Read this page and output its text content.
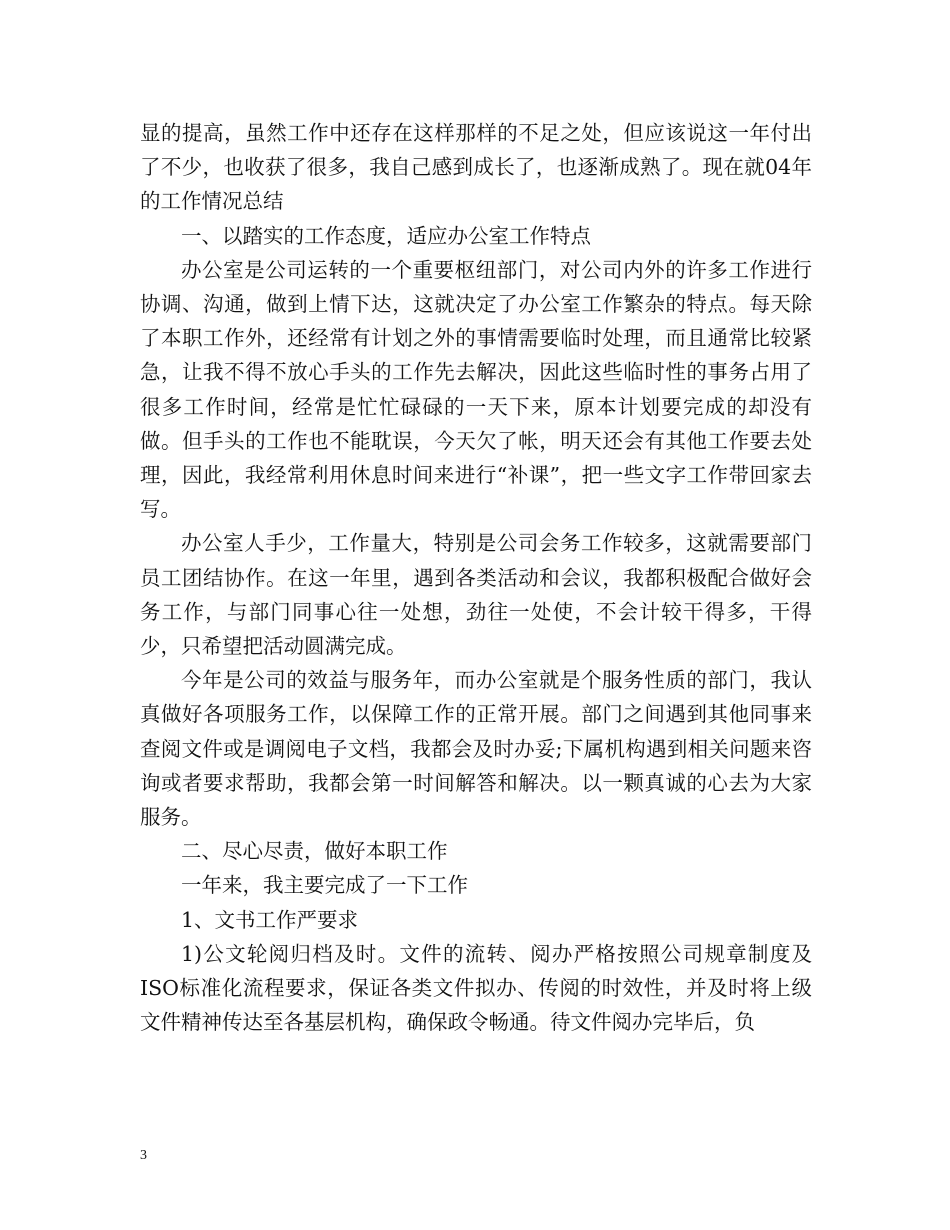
显的提高，虽然工作中还存在这样那样的不足之处，但应该说这一年付出了不少，也收获了很多，我自己感到成长了，也逐渐成熟了。现在就04年的工作情况总结

一、以踏实的工作态度，适应办公室工作特点

办公室是公司运转的一个重要枢纽部门，对公司内外的许多工作进行协调、沟通，做到上情下达，这就决定了办公室工作繁杂的特点。每天除了本职工作外，还经常有计划之外的事情需要临时处理，而且通常比较紧急，让我不得不放心手头的工作先去解决，因此这些临时性的事务占用了很多工作时间，经常是忙忙碌碌的一天下来，原本计划要完成的却没有做。但手头的工作也不能耽误，今天欠了帐，明天还会有其他工作要去处理，因此，我经常利用休息时间来进行“补课”，把一些文字工作带回家去写。

办公室人手少，工作量大，特别是公司会务工作较多，这就需要部门员工团结协作。在这一年里，遇到各类活动和会议，我都积极配合做好会务工作，与部门同事心往一处想，劲往一处使，不会计较干得多，干得少，只希望把活动圆满完成。

今年是公司的效益与服务年，而办公室就是个服务性质的部门，我认真做好各项服务工作，以保障工作的正常开展。部门之间遇到其他同事来查阅文件或是调阅电子文档，我都会及时办妥;下属机构遇到相关问题来咨询或者要求帮助，我都会第一时间解答和解决。以一颗真诚的心去为大家服务。

二、尽心尽责，做好本职工作

一年来，我主要完成了一下工作

1、文书工作严要求

1)公文轮阅归档及时。文件的流转、阅办严格按照公司规章制度及ISO标准化流程要求，保证各类文件拟办、传阅的时效性，并及时将上级文件精神传达至各基层机构，确保政令畅通。待文件阅办完毕后，负

3
